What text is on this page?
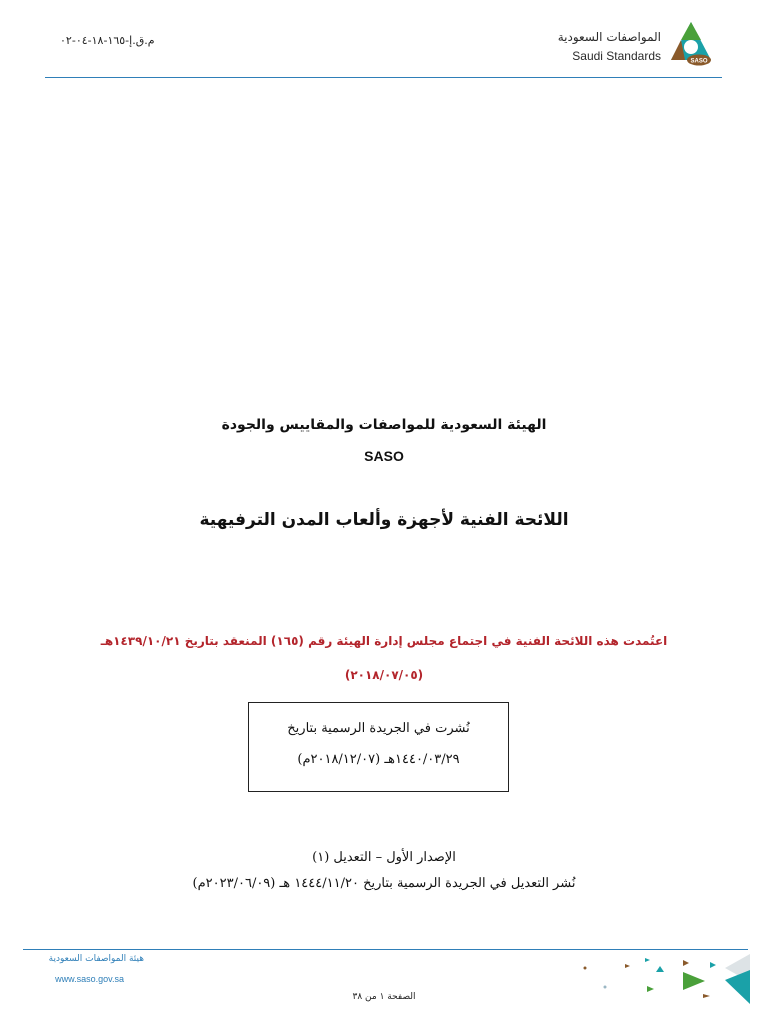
م.ق.إ-١٦٥-١٨-٠٤-٠٢	المواصفات السعودية
Saudi Standards	SASO
الهيئة السعودية للمواصفات والمقاييس والجودة
SASO
اللائحة الفنية لأجهزة وألعاب المدن الترفيهية
اعتُمدت هذه اللائحة الفنية في اجتماع مجلس إدارة الهيئة رقم (١٦٥) المنعقد بتاريخ ١٤٣٩/١٠/٢١هـ
(٢٠١٨/٠٧/٠٥)
نُشرت في الجريدة الرسمية بتاريخ
١٤٤٠/٠٣/٢٩هـ (٢٠١٨/١٢/٠٧م)
الإصدار الأول – التعديل (١)
نُشر التعديل في الجريدة الرسمية بتاريخ ١٤٤٤/١١/٢٠ هـ (٢٠٢٣/٠٦/٠٩م)
هيئة المواصفات السعودية
www.saso.gov.sa
الصفحة ١ من ٣٨
